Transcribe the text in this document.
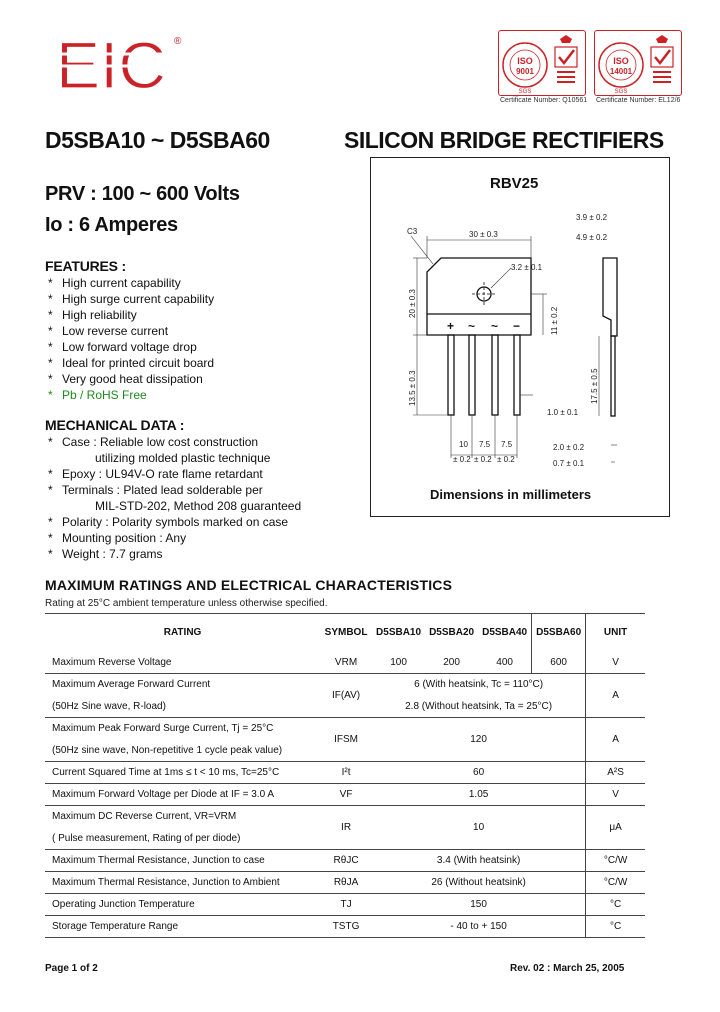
EIC ®
ISO
9001
SGS
ISO
14001
SGS
Certificate Number: Q10561 Certificate Number: EL12/6
D5SBA10 ~ D5SBA60	SILICON BRIDGE RECTIFIERS
PRV : 100 ~ 600 Volts
Io : 6 Amperes
FEATURES :
* High current capability
* High surge current capability
* High reliability
* Low reverse current
* Low forward voltage drop
* Ideal for printed circuit board
* Very good heat dissipation
* Pb / RoHS Free
MECHANICAL DATA :
* Case : Reliable low cost construction
utilizing molded plastic technique
* Epoxy : UL94V-O rate flame retardant
* Terminals : Plated lead solderable per
MIL-STD-202, Method 208 guaranteed
* Polarity : Polarity symbols marked on case
* Mounting position : Any
* Weight : 7.7 grams
RBV25
C3	30 ± 0.3
3.2 ± 0.1
1.0 ± 0.1
3.9 ± 0.2
4.9 ± 0.2
2.0 ± 0.2
0.7 ± 0.1
10
± 0.2
7.5
± 0.2
7.5
± 0.2
20 ± 0.3
11 ± 0.2
13.5 ± 0.3	17.5 ± 0.5
+ ~ ~ −
Dimensions in millimeters
MAXIMUM RATINGS AND ELECTRICAL CHARACTERISTICS
Rating at 25°C ambient temperature unless otherwise specified.
RATING	SYMBOL	D5SBA10	D5SBA20	D5SBA40	D5SBA60	UNIT
Maximum Reverse Voltage	VRM	100	200	400	600	V
Maximum Average Forward Current	IF(AV)	6 (With heatsink, Tc = 110°C)				A
(50Hz Sine wave, R-load)		2.8 (Without heatsink, Ta = 25°C)				
Maximum Peak Forward Surge Current, Tj = 25°C	IFSM	120				A
(50Hz sine wave, Non-repetitive 1 cycle peak value)						
Current Squared Time at 1ms ≤ t < 10 ms, Tc=25°C	I²t	60				A²S
Maximum Forward Voltage per Diode at IF = 3.0 A	VF	1.05				V
Maximum DC Reverse Current, VR=VRM	IR	10				μA
( Pulse measurement, Rating of per diode)						
Maximum Thermal Resistance, Junction to case	RθJC	3.4 (With heatsink)				°C/W
Maximum Thermal Resistance, Junction to Ambient	RθJA	26 (Without heatsink)				°C/W
Operating Junction Temperature	TJ	150				°C
Storage Temperature Range	TSTG	- 40 to + 150				°C
Page 1 of 2	Rev. 02 : March 25, 2005
